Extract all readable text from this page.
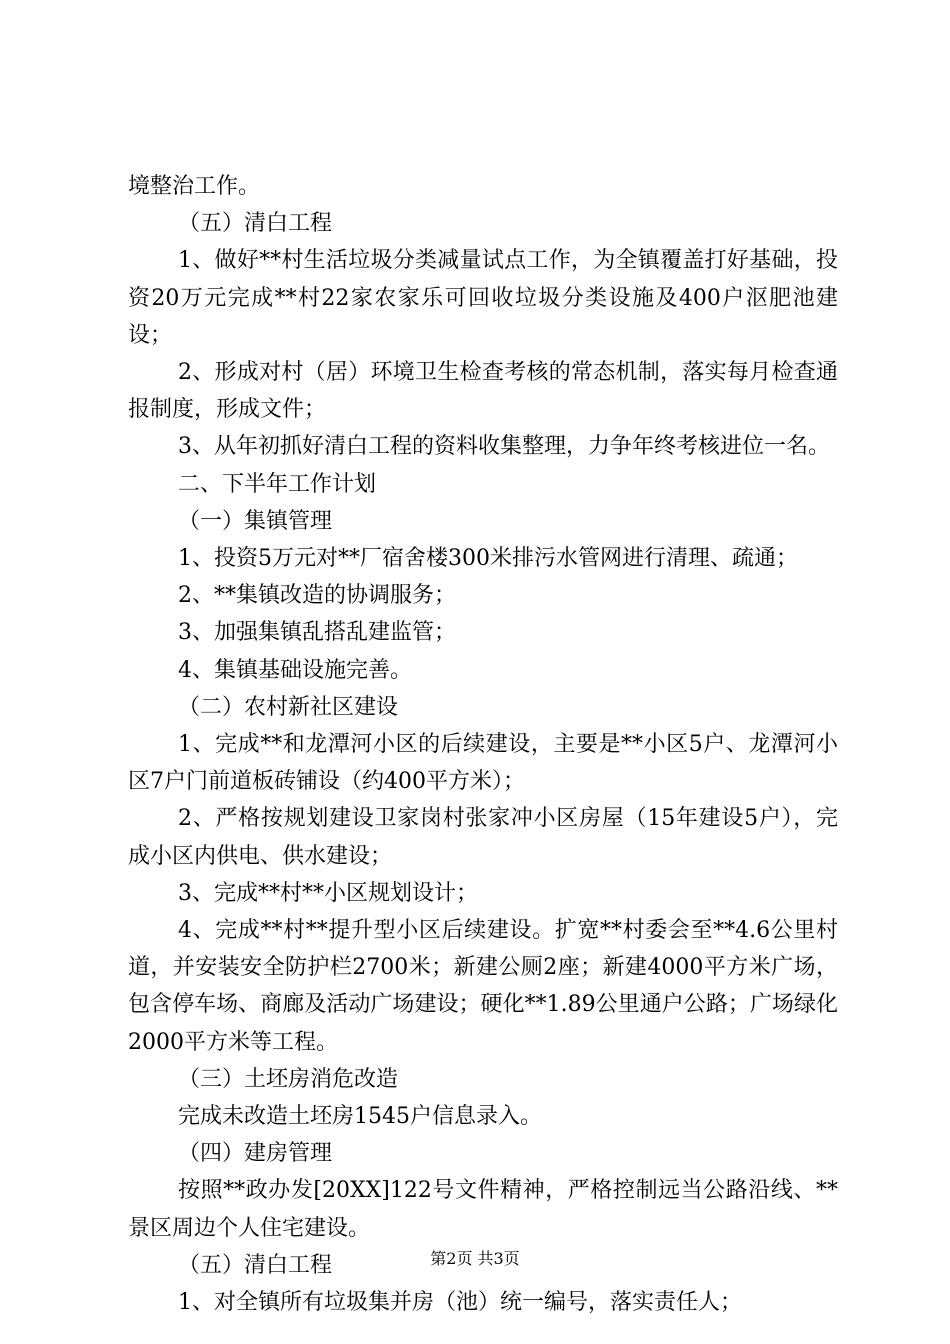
境整治工作。

（五）清白工程

1、做好**村生活垃圾分类减量试点工作，为全镇覆盖打好基础，投资20万元完成**村22家农家乐可回收垃圾分类设施及400户沤肥池建设；

2、形成对村（居）环境卫生检查考核的常态机制，落实每月检查通报制度，形成文件；

3、从年初抓好清白工程的资料收集整理，力争年终考核进位一名。

二、下半年工作计划

（一）集镇管理

1、投资5万元对**厂宿舍楼300米排污水管网进行清理、疏通；

2、**集镇改造的协调服务；

3、加强集镇乱搭乱建监管；

4、集镇基础设施完善。

（二）农村新社区建设

1、完成**和龙潭河小区的后续建设，主要是**小区5户、龙潭河小区7户门前道板砖铺设（约400平方米）；

2、严格按规划建设卫家岗村张家冲小区房屋（15年建设5户），完成小区内供电、供水建设；

3、完成**村**小区规划设计；

4、完成**村**提升型小区后续建设。扩宽**村委会至**4.6公里村道，并安装安全防护栏2700米；新建公厕2座；新建4000平方米广场，包含停车场、商廊及活动广场建设；硬化**1.89公里通户公路；广场绿化2000平方米等工程。

（三）土坯房消危改造

完成未改造土坯房1545户信息录入。

（四）建房管理

按照**政办发[20XX]122号文件精神，严格控制远当公路沿线、**景区周边个人住宅建设。

（五）清白工程

1、对全镇所有垃圾集并房（池）统一编号，落实责任人；

第2页 共3页
